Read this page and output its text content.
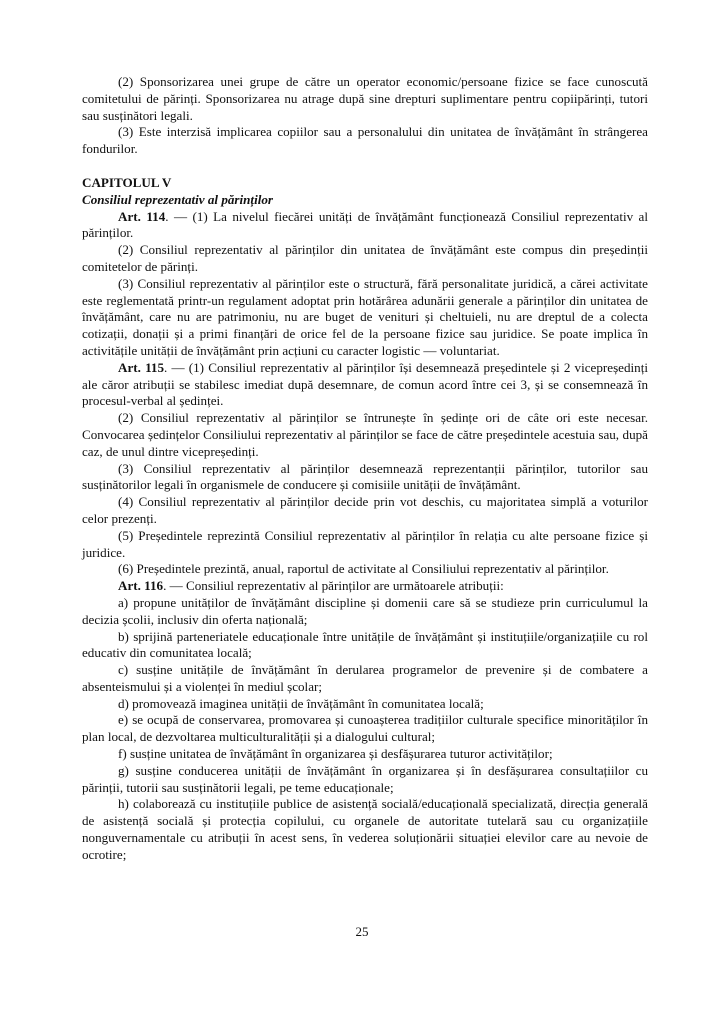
(2) Sponsorizarea unei grupe de către un operator economic/persoane fizice se face cunoscută comitetului de părinți. Sponsorizarea nu atrage după sine drepturi suplimentare pentru copiipărinți, tutori sau susținători legali.

(3) Este interzisă implicarea copiilor sau a personalului din unitatea de învățământ în strângerea fondurilor.

CAPITOLUL V

Consiliul reprezentativ al părinților

Art. 114. — (1) La nivelul fiecărei unități de învățământ funcționează Consiliul reprezentativ al părinților.

(2) Consiliul reprezentativ al părinților din unitatea de învățământ este compus din președinții comitetelor de părinți.

(3) Consiliul reprezentativ al părinților este o structură, fără personalitate juridică, a cărei activitate este reglementată printr-un regulament adoptat prin hotărârea adunării generale a părinților din unitatea de învățământ, care nu are patrimoniu, nu are buget de venituri și cheltuieli, nu are dreptul de a colecta cotizații, donații și a primi finanțări de orice fel de la persoane fizice sau juridice. Se poate implica în activitățile unității de învățământ prin acțiuni cu caracter logistic — voluntariat.

Art. 115. — (1) Consiliul reprezentativ al părinților își desemnează președintele și 2 vicepreședinți ale căror atribuții se stabilesc imediat după desemnare, de comun acord între cei 3, și se consemnează în procesul-verbal al ședinței.

(2) Consiliul reprezentativ al părinților se întrunește în ședințe ori de câte ori este necesar. Convocarea ședințelor Consiliului reprezentativ al părinților se face de către președintele acestuia sau, după caz, de unul dintre vicepreședinți.

(3) Consiliul reprezentativ al părinților desemnează reprezentanții părinților, tutorilor sau susținătorilor legali în organismele de conducere și comisiile unității de învățământ.

(4) Consiliul reprezentativ al părinților decide prin vot deschis, cu majoritatea simplă a voturilor celor prezenți.

(5) Președintele reprezintă Consiliul reprezentativ al părinților în relația cu alte persoane fizice și juridice.

(6) Președintele prezintă, anual, raportul de activitate al Consiliului reprezentativ al părinților.

Art. 116. — Consiliul reprezentativ al părinților are următoarele atribuții:

a) propune unităților de învățământ discipline și domenii care să se studieze prin curriculumul la decizia școlii, inclusiv din oferta națională;

b) sprijină parteneriatele educaționale între unitățile de învățământ și instituțiile/organizațiile cu rol educativ din comunitatea locală;

c) susține unitățile de învățământ în derularea programelor de prevenire și de combatere a absenteismului și a violenței în mediul școlar;

d) promovează imaginea unității de învățământ în comunitatea locală;

e) se ocupă de conservarea, promovarea și cunoașterea tradițiilor culturale specifice minorităților în plan local, de dezvoltarea multiculturalității și a dialogului cultural;

f) susține unitatea de învățământ în organizarea și desfășurarea tuturor activităților;

g) susține conducerea unității de învățământ în organizarea și în desfășurarea consultațiilor cu părinții, tutorii sau susținătorii legali, pe teme educaționale;

h) colaborează cu instituțiile publice de asistență socială/educațională specializată, direcția generală de asistență socială și protecția copilului, cu organele de autoritate tutelară sau cu organizațiile nonguvernamentale cu atribuții în acest sens, în vederea soluționării situației elevilor care au nevoie de ocrotire;

25
